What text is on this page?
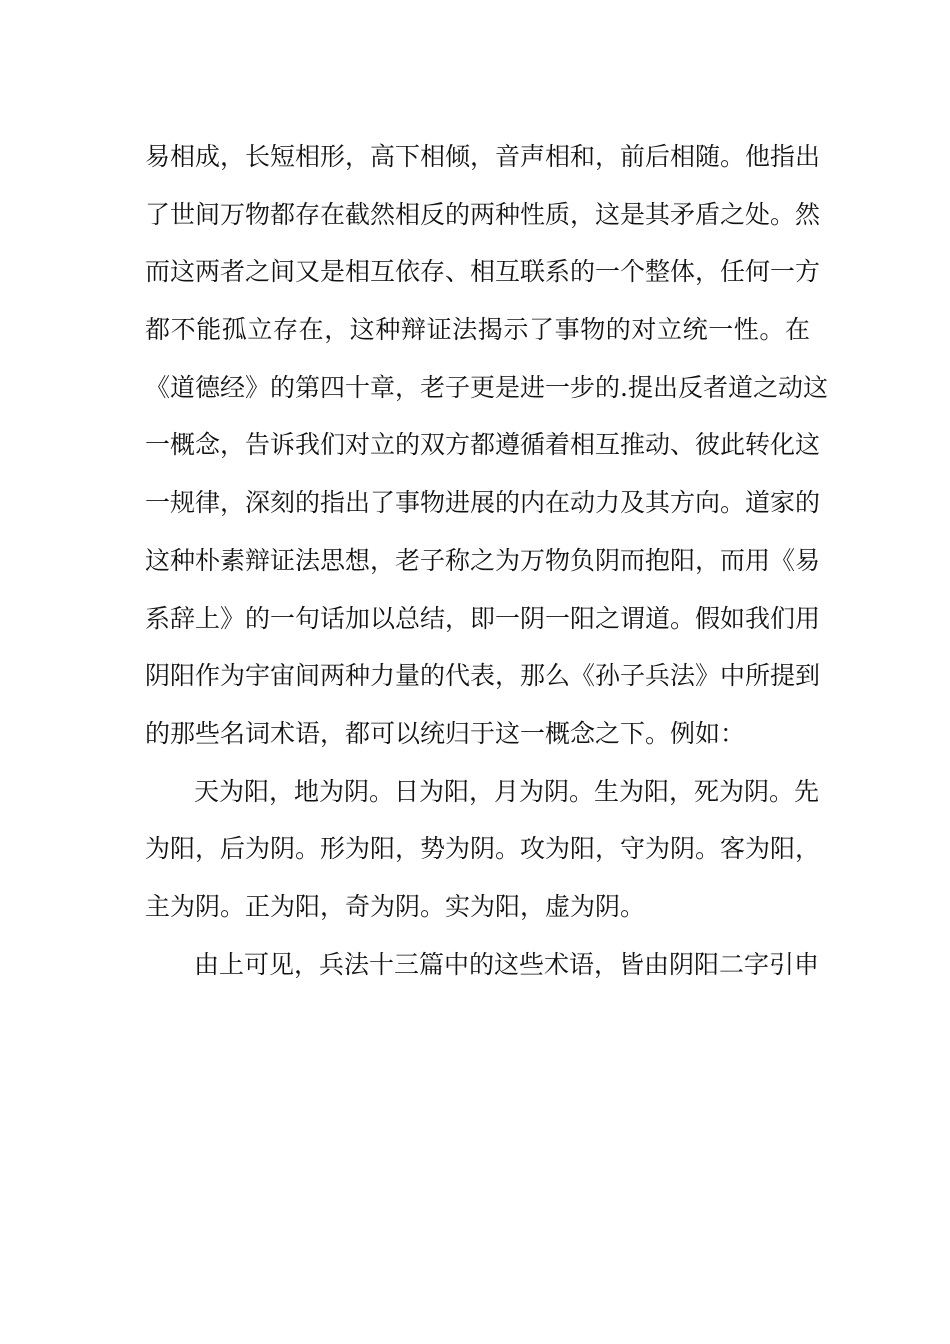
易相成，长短相形，高下相倾，音声相和，前后相随。他指出
了世间万物都存在截然相反的两种性质，这是其矛盾之处。然
而这两者之间又是相互依存、相互联系的一个整体，任何一方
都不能孤立存在，这种辩证法揭示了事物的对立统一性。在
《道德经》的第四十章，老子更是进一步的.提出反者道之动这
一概念，告诉我们对立的双方都遵循着相互推动、彼此转化这
一规律，深刻的指出了事物进展的内在动力及其方向。道家的
这种朴素辩证法思想，老子称之为万物负阴而抱阳，而用《易
系辞上》的一句话加以总结，即一阴一阳之谓道。假如我们用
阴阳作为宇宙间两种力量的代表，那么《孙子兵法》中所提到
的那些名词术语，都可以统归于这一概念之下。例如：
天为阳，地为阴。日为阳，月为阴。生为阳，死为阴。先
为阳，后为阴。形为阳，势为阴。攻为阳，守为阴。客为阳，
主为阴。正为阳，奇为阴。实为阳，虚为阴。
由上可见，兵法十三篇中的这些术语，皆由阴阳二字引申
